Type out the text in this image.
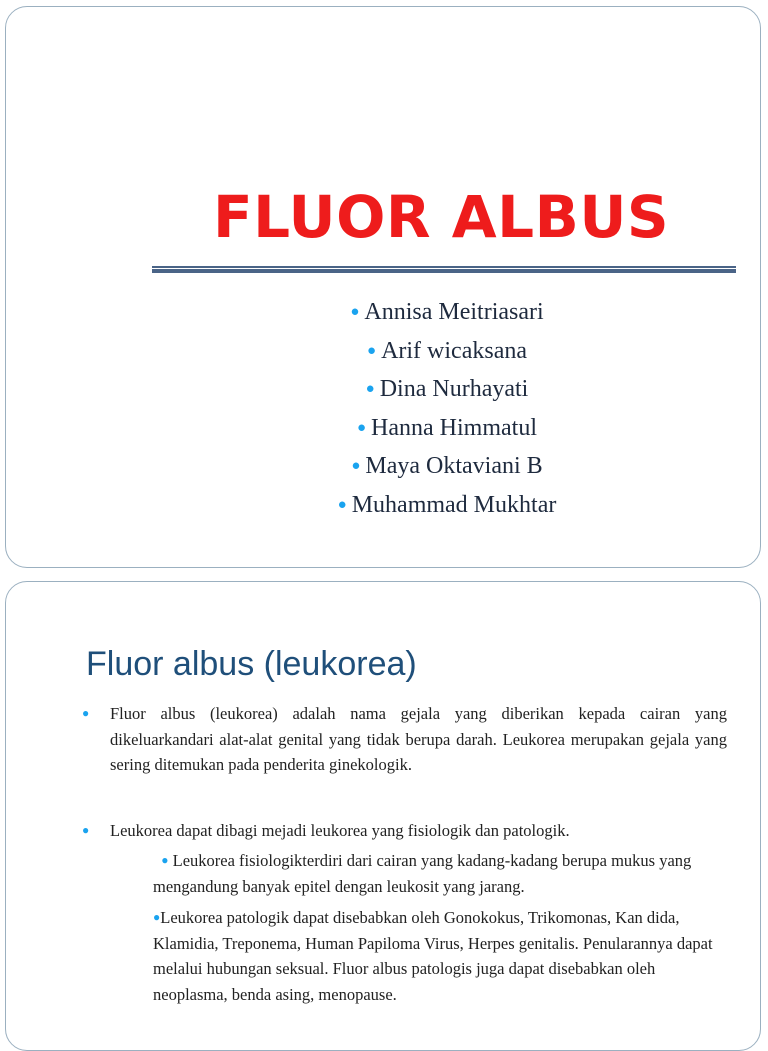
FLUOR ALBUS
● Annisa Meitriasari
● Arif wicaksana
● Dina Nurhayati
● Hanna Himmatul
● Maya Oktaviani B
● Muhammad Mukhtar
Fluor albus (leukorea)
●	Fluor albus (leukorea) adalah nama gejala yang diberikan kepada cairan yang dikeluarkandari alat-alat genital yang tidak berupa darah. Leukorea merupakan gejala yang sering ditemukan pada penderita ginekologik.
●	Leukorea dapat dibagi mejadi leukorea yang fisiologik dan patologik.
● Leukorea fisiologikterdiri dari cairan yang kadang-kadang berupa mukus yang mengandung banyak epitel dengan leukosit yang jarang.
●Leukorea patologik dapat disebabkan oleh Gonokokus, Trikomonas, Kan dida, Klamidia, Treponema, Human Papiloma Virus, Herpes genitalis. Penularannya dapat melalui hubungan seksual. Fluor albus patologis juga dapat disebabkan oleh neoplasma, benda asing, menopause.
